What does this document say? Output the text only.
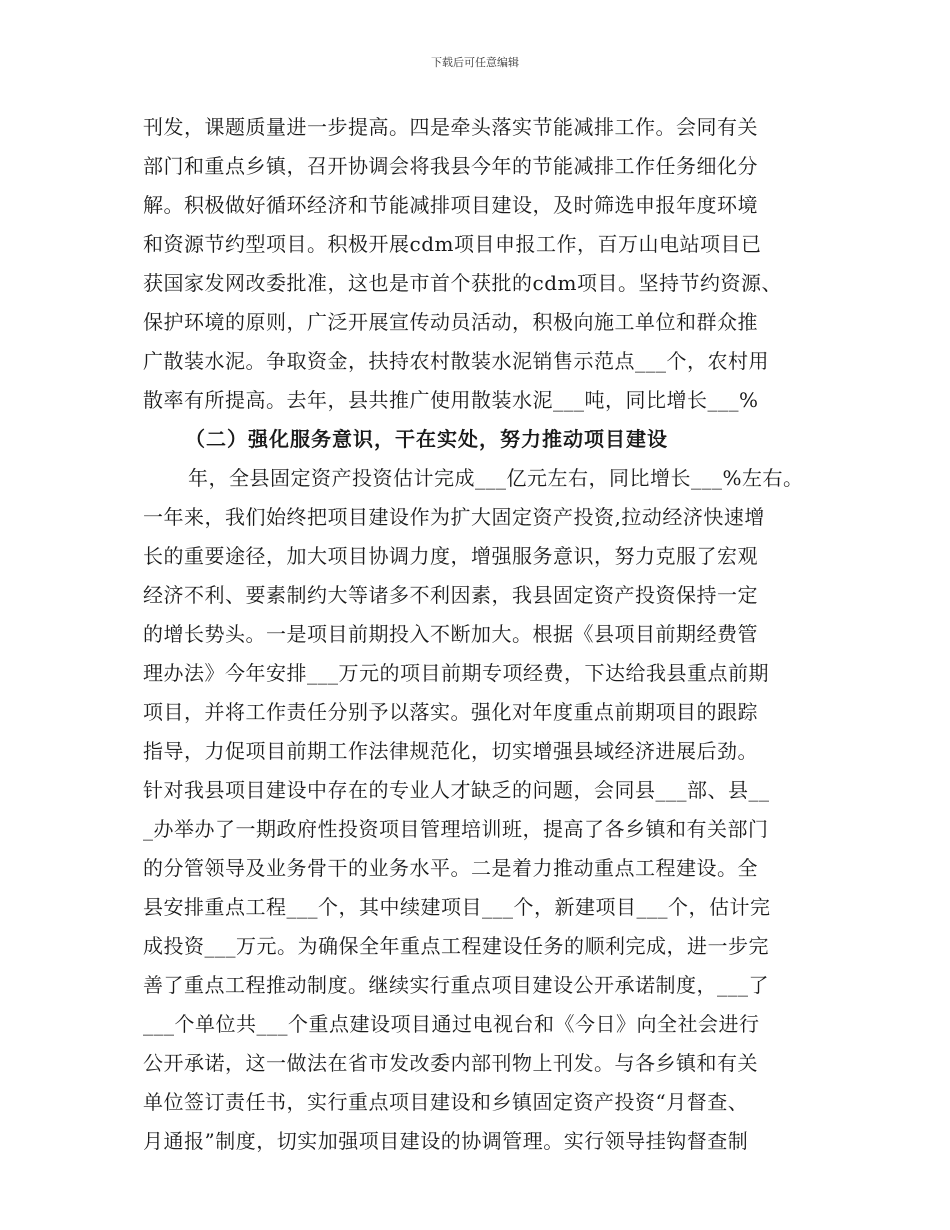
下载后可任意编辑
刊发，课题质量进一步提高。四是牵头落实节能减排工作。会同有关
部门和重点乡镇，召开协调会将我县今年的节能减排工作任务细化分
解。积极做好循环经济和节能减排项目建设，及时筛选申报年度环境
和资源节约型项目。积极开展cdm项目申报工作，百万山电站项目已
获国家发网改委批准，这也是市首个获批的cdm项目。坚持节约资源、
保护环境的原则，广泛开展宣传动员活动，积极向施工单位和群众推
广散装水泥。争取资金，扶持农村散装水泥销售示范点___个，农村用
散率有所提高。去年，县共推广使用散装水泥___吨，同比增长___%
（二）强化服务意识，干在实处，努力推动项目建设
年，全县固定资产投资估计完成___亿元左右，同比增长___%左右。
一年来，我们始终把项目建设作为扩大固定资产投资,拉动经济快速增
长的重要途径，加大项目协调力度，增强服务意识，努力克服了宏观
经济不利、要素制约大等诸多不利因素，我县固定资产投资保持一定
的增长势头。一是项目前期投入不断加大。根据《县项目前期经费管
理办法》今年安排___万元的项目前期专项经费，下达给我县重点前期
项目，并将工作责任分别予以落实。强化对年度重点前期项目的跟踪
指导，力促项目前期工作法律规范化，切实增强县域经济进展后劲。
针对我县项目建设中存在的专业人才缺乏的问题，会同县___部、县__
_办举办了一期政府性投资项目管理培训班，提高了各乡镇和有关部门
的分管领导及业务骨干的业务水平。二是着力推动重点工程建设。全
县安排重点工程___个，其中续建项目___个，新建项目___个，估计完
成投资___万元。为确保全年重点工程建设任务的顺利完成，进一步完
善了重点工程推动制度。继续实行重点项目建设公开承诺制度，___了
___个单位共___个重点建设项目通过电视台和《今日》向全社会进行
公开承诺，这一做法在省市发改委内部刊物上刊发。与各乡镇和有关
单位签订责任书，实行重点项目建设和乡镇固定资产投资“月督查、
月通报”制度，切实加强项目建设的协调管理。实行领导挂钩督查制
